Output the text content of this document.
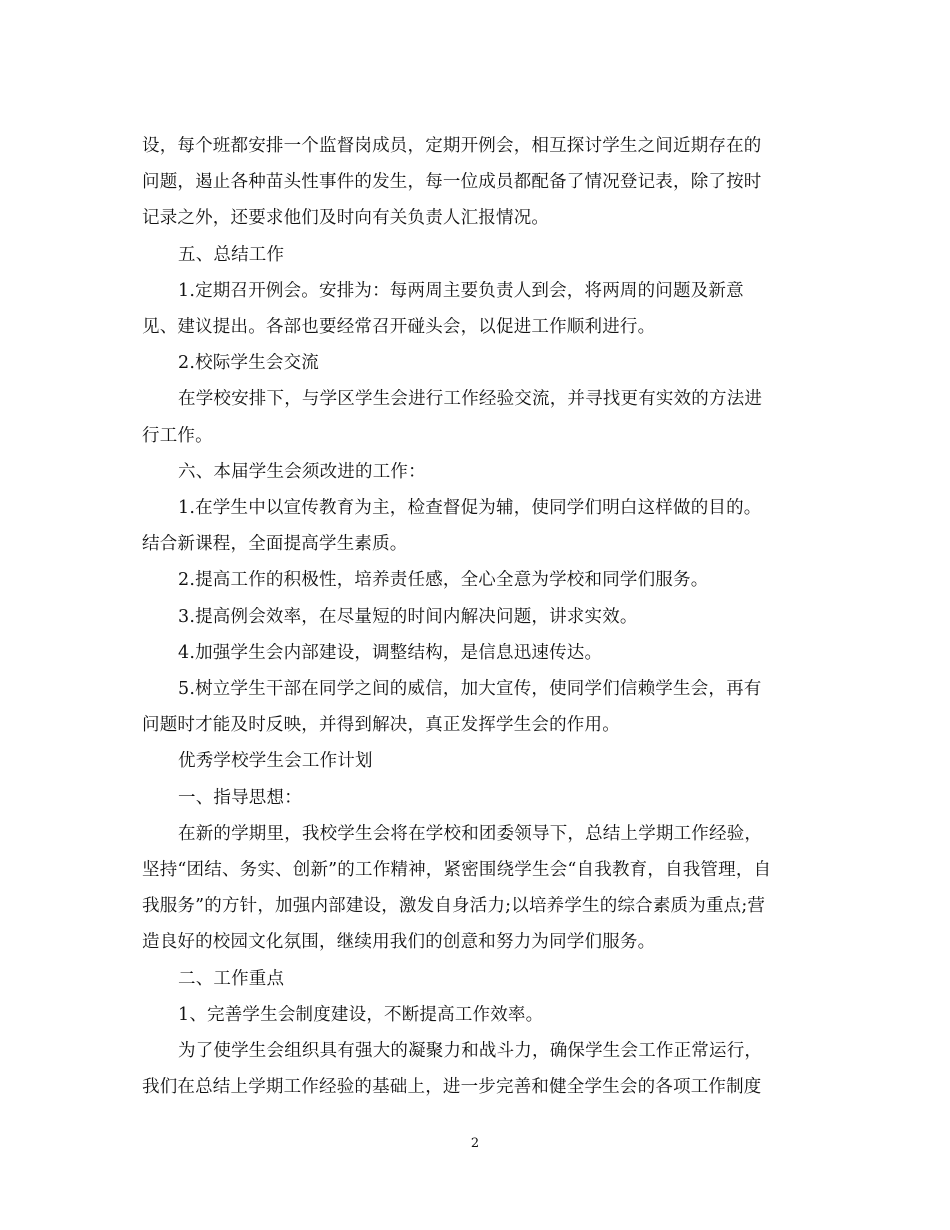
设，每个班都安排一个监督岗成员，定期开例会，相互探讨学生之间近期存在的
问题，遏止各种苗头性事件的发生，每一位成员都配备了情况登记表，除了按时
记录之外，还要求他们及时向有关负责人汇报情况。

五、总结工作

1.定期召开例会。安排为：每两周主要负责人到会，将两周的问题及新意
见、建议提出。各部也要经常召开碰头会，以促进工作顺利进行。

2.校际学生会交流

在学校安排下，与学区学生会进行工作经验交流，并寻找更有实效的方法进
行工作。

六、本届学生会须改进的工作：

1.在学生中以宣传教育为主，检查督促为辅，使同学们明白这样做的目的。
结合新课程，全面提高学生素质。

2.提高工作的积极性，培养责任感，全心全意为学校和同学们服务。

3.提高例会效率，在尽量短的时间内解决问题，讲求实效。

4.加强学生会内部建设，调整结构，是信息迅速传达。

5.树立学生干部在同学之间的威信，加大宣传，使同学们信赖学生会，再有
问题时才能及时反映，并得到解决，真正发挥学生会的作用。

优秀学校学生会工作计划

一、指导思想：

在新的学期里，我校学生会将在学校和团委领导下，总结上学期工作经验，
坚持“团结、务实、创新”的工作精神，紧密围绕学生会“自我教育，自我管理，自
我服务”的方针，加强内部建设，激发自身活力;以培养学生的综合素质为重点;营
造良好的校园文化氛围，继续用我们的创意和努力为同学们服务。

二、工作重点

1、完善学生会制度建设，不断提高工作效率。

为了使学生会组织具有强大的凝聚力和战斗力，确保学生会工作正常运行，
我们在总结上学期工作经验的基础上，进一步完善和健全学生会的各项工作制度

2
